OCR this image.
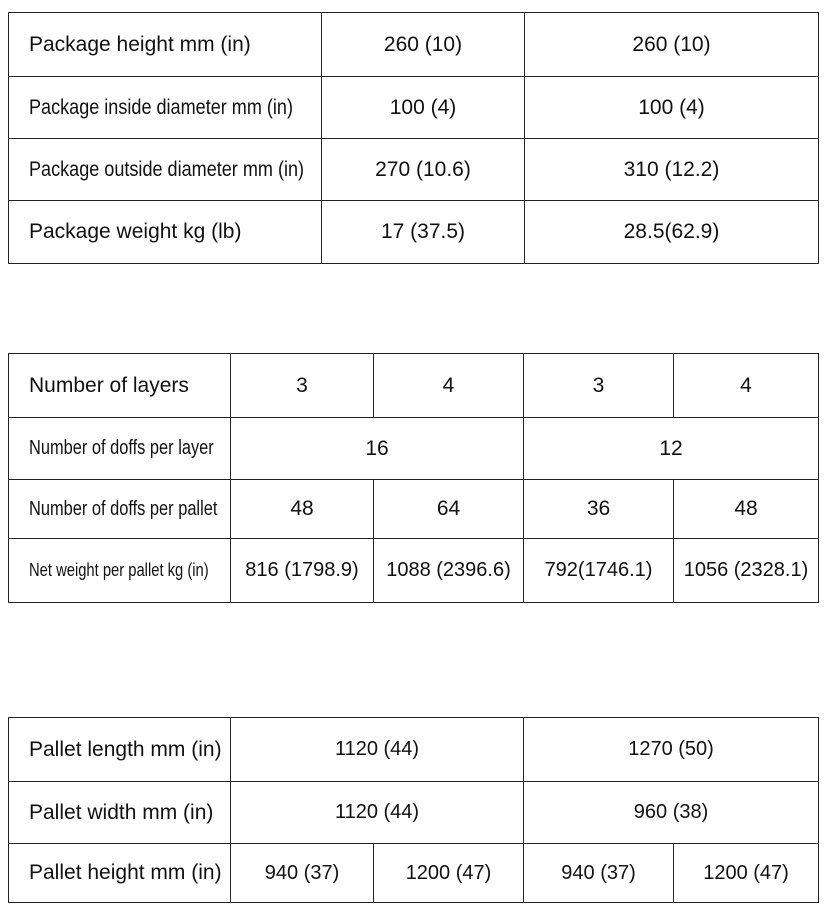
Package height mm (in)	260 (10)	260 (10)
Package inside diameter mm (in)	100 (4)	100 (4)
Package outside diameter mm (in)	270 (10.6)	310 (12.2)
Package weight kg (lb)	17 (37.5)	28.5(62.9)
Number of layers	3	4	3	4
Number of doffs per layer	16		12	
Number of doffs per pallet	48	64	36	48
Net weight per pallet kg (in)	816 (1798.9)	1088 (2396.6)	792(1746.1)	1056 (2328.1)
Pallet length mm (in)	1120 (44)		1270 (50)	
Pallet width mm (in)	1120 (44)		960 (38)	
Pallet height mm (in)	940 (37)	1200 (47)	940 (37)	1200 (47)
